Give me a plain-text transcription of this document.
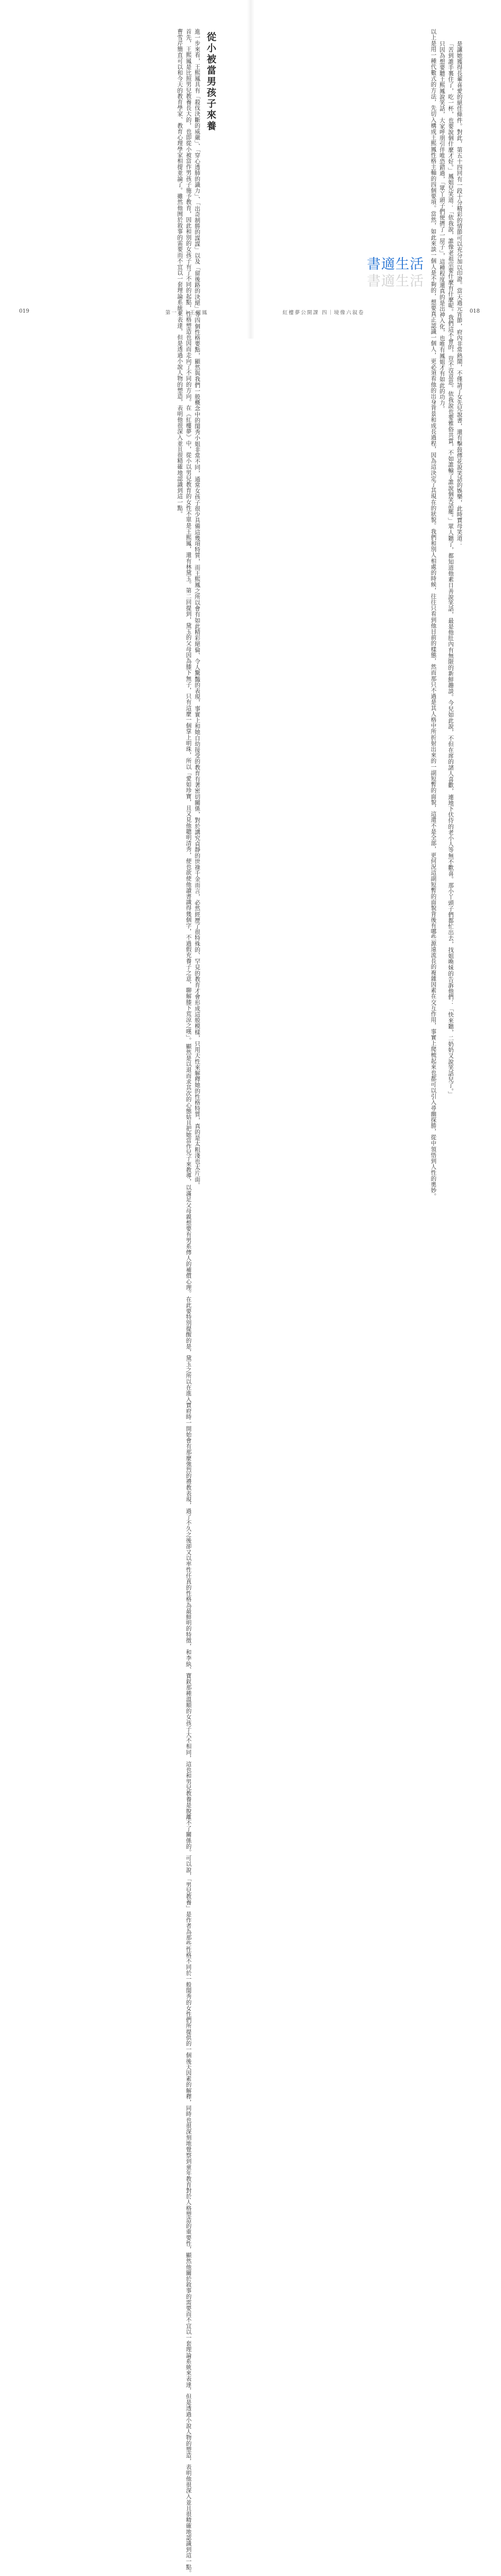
從小被當男孩子來養
進一步來看，王熙鳳具有「殺伐決斷的威嚴」、「穿心透肺的識力」、「出奇制勝的謀謀」以及「留後路的決絕」等四個性格要點，顯然與我們一般概念中的閨秀小姐非常不同，通常女孩子很少具備這幾項特質，而王熙鳳之所以會有如此精彩絕倫、令人驚豔的表現，事實上和她自幼接受的教育有著密切關係，對於講究貞靜的世祿千金而言，必然經歷了很特殊的、罕見的教育才會形成這般模樣，只用天性來解釋她的性格特質，真的是太粗淺也太片面。
首先，王熙鳳是比照男兒教養長大的，也即從小被當作男孩子施予教育，因此和別的女孩子有了不同的起點，性格塑造也因而走向了不同的方向。在《紅樓夢》中，從小以男兒教育的女性不單是王熙鳳，還有林黛玉。第二回提到，黛玉的父母因為膝下無子，只有這麼一個掌上明珠，所以「愛如珍寶，且又見他聰明清秀，便也欲使他讀書識得幾個字，不過假充養子之意，聊解膝下荒涼之嘆」。顯然是以退而求其次的心態姑且把她當作兒子來教導，以滿足父母親想要有男系傳人的補償心理。在此要特別提醒的是，黛玉之所以在進入賈府時一開始會有那麼強烈的禮教表現，過了不久之後卻又以率性任真的性格為最鮮明的特徵，和李紈、寶釵那種溫順的女孩子大不相同，這也和男兒教養是脫離不了關係的。可以說，「男兒教養」是作者為那些性格不同於一般閨秀的女性們所提供的一個後天因素的解釋，同時也很深刻地覺察到童年教育對於人格塑造的重要性，顯然他關於敘事的需要而不宜以一套理論系統來表達，但是透過小說人物的塑造，表明他很深入並且很精確地認識到這一點。
曹雪芹簡直可以和今天的教育學家、教育心理學家相提並論了。雖然他囿於敘事的需要而不宜以一套理論系統來表達，但是透過小說人物的塑造，表明他很深入並且很精確地認識到這一點。
019	第一章｜王熙鳳	是讓她獲得長輩喜愛的絕佳條件。對此，第五十四回有一段十分精彩的情節可以充分加以印證。當天過元宵節，府內非常熱鬧，不僅請了女先兒說書，還有擊鼓傳花說笑話的娛樂，此時賈母笑道：
「苦到誰手裏住了，吃一杯，也要說個什麼才好。」鳳姐兒笑道：「依我說，誰像老祖宗要什麼有什麼呢。我們這不會的，豈不沒意思。依我說也要雅俗共賞，不如誰輸了誰說個笑話罷。」眾人聽了，都知道他素日善說笑話，最是他肚內有無限的新鮮趣談。今兒如此說，不但在席的諸人喜歡，連地下伏侍的老小人等無不歡喜。那小丫頭子們都忙出去，找姐喚妹的告訴他們：「快來聽，二奶奶又說笑話兒了。」
只因為想要聽王熙鳳說笑話，大家呼朋引伴唯恐錯過，「眾丫頭子們便擠了一屋子」，這種程度還真的是出神入化，也唯有鳳姐才有如此的功力。
以上是用一種代數式的方法，先切入構成王熙鳳性格主軸的四個要項。當然，如此來談一個人是不夠的，想要真正認識一個人，更必須看他的出身背景和成長過程，因為這決定了其現在的狀貌。我們和別人相處的時候，往往只看到他目前的樣態，然而那只不過是其人格中所折射出來的一副短暫的面貌，這還不是全部，更何況這副短暫的面貌背後有哪些源遠流長的複雜因素在交互作用，事實上爬梳起來也都可以引入尋幽探勝，從中領悟到人性的奧妙。
	018
紅樓夢公開課 四｜境像六叙卷
書適生活
書適生活
